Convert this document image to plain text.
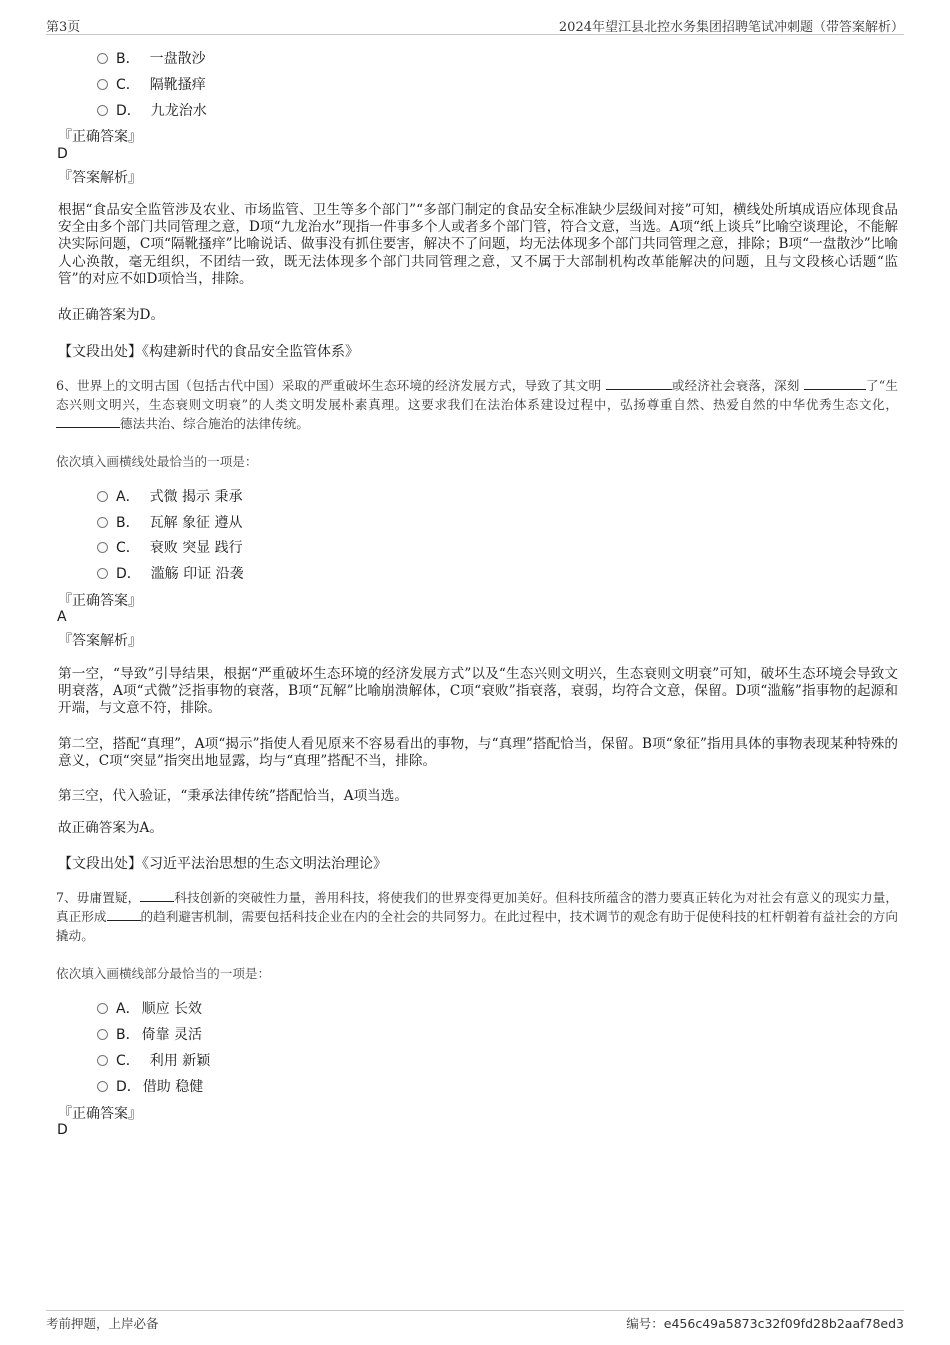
第3页	2024年望江县北控水务集团招聘笔试冲刺题（带答案解析）
B． 一盘散沙
C． 隔靴搔痒
D． 九龙治水
『正确答案』
D
『答案解析』
根据“食品安全监管涉及农业、市场监管、卫生等多个部门”“多部门制定的食品安全标准缺少层级间对接”可知，横线处所填成语应体现食品安全由多个部门共同管理之意，D项“九龙治水”现指一件事多个人或者多个部门管，符合文意，当选。A项“纸上谈兵”比喻空谈理论，不能解决实际问题，C项“隔靴搔痒”比喻说话、做事没有抓住要害，解决不了问题，均无法体现多个部门共同管理之意，排除；B项“一盘散沙”比喻人心涣散，毫无组织，不团结一致，既无法体现多个部门共同管理之意，又不属于大部制机构改革能解决的问题，且与文段核心话题“监管”的对应不如D项恰当，排除。
故正确答案为D。
【文段出处】《构建新时代的食品安全监管体系》
6、世界上的文明古国（包括古代中国）采取的严重破坏生态环境的经济发展方式，导致了其文明	或经济社会衰落，深刻	了“生态兴则文明兴，生态衰则文明衰”的人类文明发展朴素真理。这要求我们在法治体系建设过程中，弘扬尊重自然、热爱自然的中华优秀生态文化， 德法共治、综合施治的法律传统。
依次填入画横线处最恰当的一项是：
A． 式微 揭示 秉承
B． 瓦解 象征 遵从
C． 衰败 突显 践行
D． 滥觞 印证 沿袭
『正确答案』
A
『答案解析』
第一空，“导致”引导结果，根据“严重破坏生态环境的经济发展方式”以及“生态兴则文明兴，生态衰则文明衰”可知，破坏生态环境会导致文明衰落，A项“式微”泛指事物的衰落，B项“瓦解”比喻崩溃解体，C项“衰败”指衰落，衰弱，均符合文意，保留。D项“滥觞”指事物的起源和开端，与文意不符，排除。
第二空，搭配“真理”，A项“揭示”指使人看见原来不容易看出的事物，与“真理”搭配恰当，保留。B项“象征”指用具体的事物表现某种特殊的意义，C项“突显”指突出地显露，均与“真理”搭配不当，排除。
第三空，代入验证，“秉承法律传统”搭配恰当，A项当选。
故正确答案为A。
【文段出处】《习近平法治思想的生态文明法治理论》
7、毋庸置疑，	科技创新的突破性力量，善用科技，将使我们的世界变得更加美好。但科技所蕴含的潜力要真正转化为对社会有意义的现实力量，真正形成	的趋利避害机制，需要包括科技企业在内的全社会的共同努力。在此过程中，技术调节的观念有助于促使科技的杠杆朝着有益社会的方向撬动。
依次填入画横线部分最恰当的一项是：
A． 顺应 长效
B． 倚靠 灵活
C． 利用 新颖
D． 借助 稳健
『正确答案』
D
考前押题，上岸必备	编号：e456c49a5873c32f09fd28b2aaf78ed3
